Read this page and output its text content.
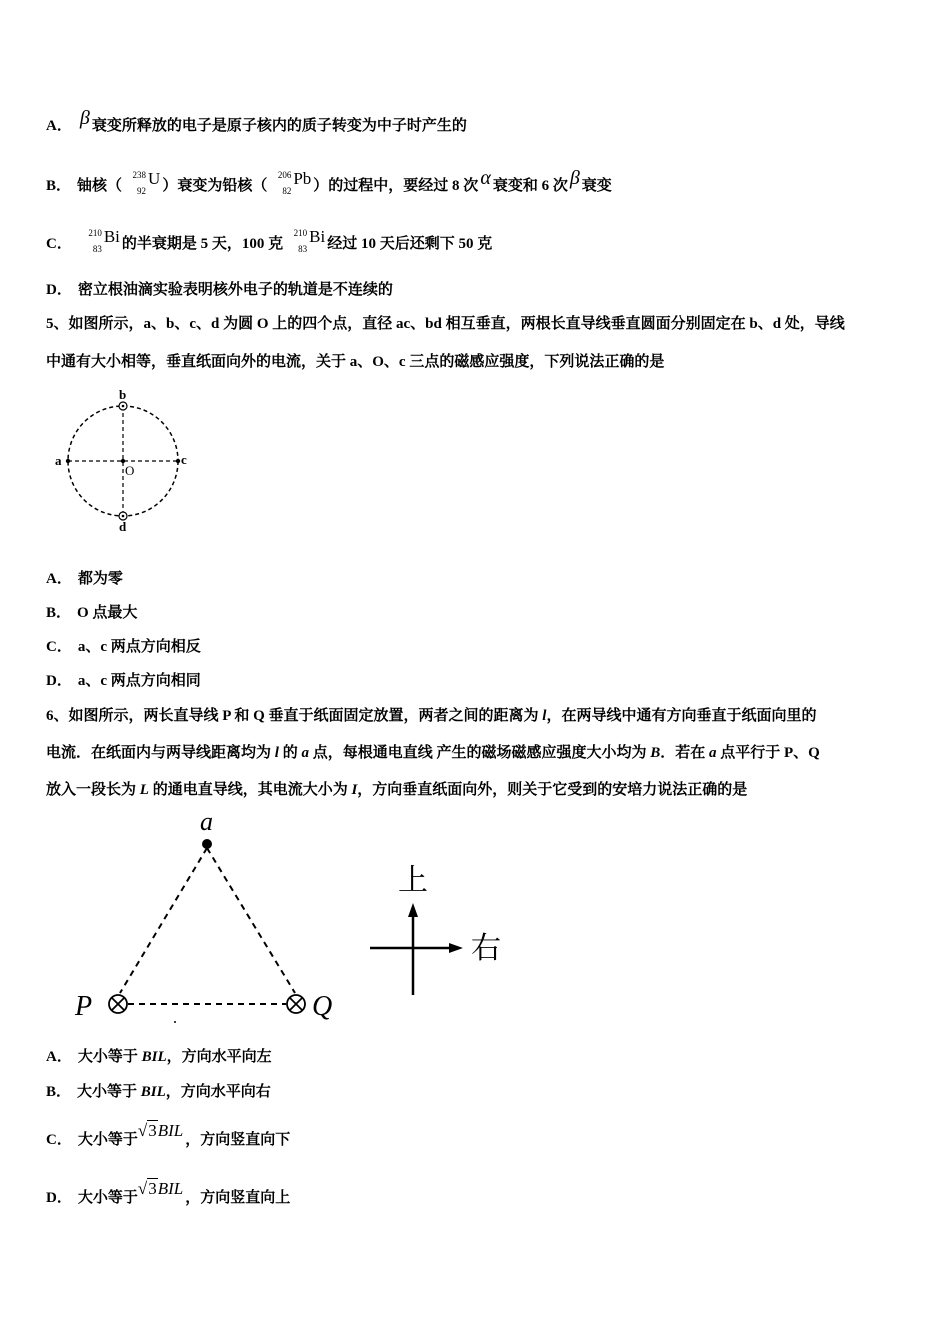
A． β 衰变所释放的电子是原子核内的质子转变为中子时产生的
B． 铀核（
238
92
U ）衰变为铅核（
206
82
Pb ）的过程中，要经过 8 次 α 衰变和 6 次 β 衰变
C．
210
83
Bi 的半衰期是 5 天，100 克
210
83
Bi 经过 10 天后还剩下 50 克
D． 密立根油滴实验表明核外电子的轨道是不连续的
5、如图所示，a、b、c、d 为圆 O 上的四个点，直径 ac、bd 相互垂直，两根长直导线垂直圆面分别固定在 b、d 处，导线
中通有大小相等，垂直纸面向外的电流，关于 a、O、c 三点的磁感应强度，下列说法正确的是
b
d
a	c
O
A． 都为零
B． O 点最大
C． a、c 两点方向相反
D． a、c 两点方向相同
6、如图所示，两长直导线 P 和 Q 垂直于纸面固定放置，两者之间的距离为 l，在两导线中通有方向垂直于纸面向里的
电流．在纸面内与两导线距离均为 l 的 a 点，每根通电直线 产生的磁场磁感应强度大小均为 B．若在 a 点平行于 P、Q
放入一段长为 L 的通电直导线，其电流大小为 I，方向垂直纸面向外，则关于它受到的安培力说法正确的是
a
P	Q
上
右
A． 大小等于 BIL，方向水平向左
B． 大小等于 BIL，方向水平向右
C． 大小等于√3BIL ，方向竖直向下
D． 大小等于√3BIL ，方向竖直向上
